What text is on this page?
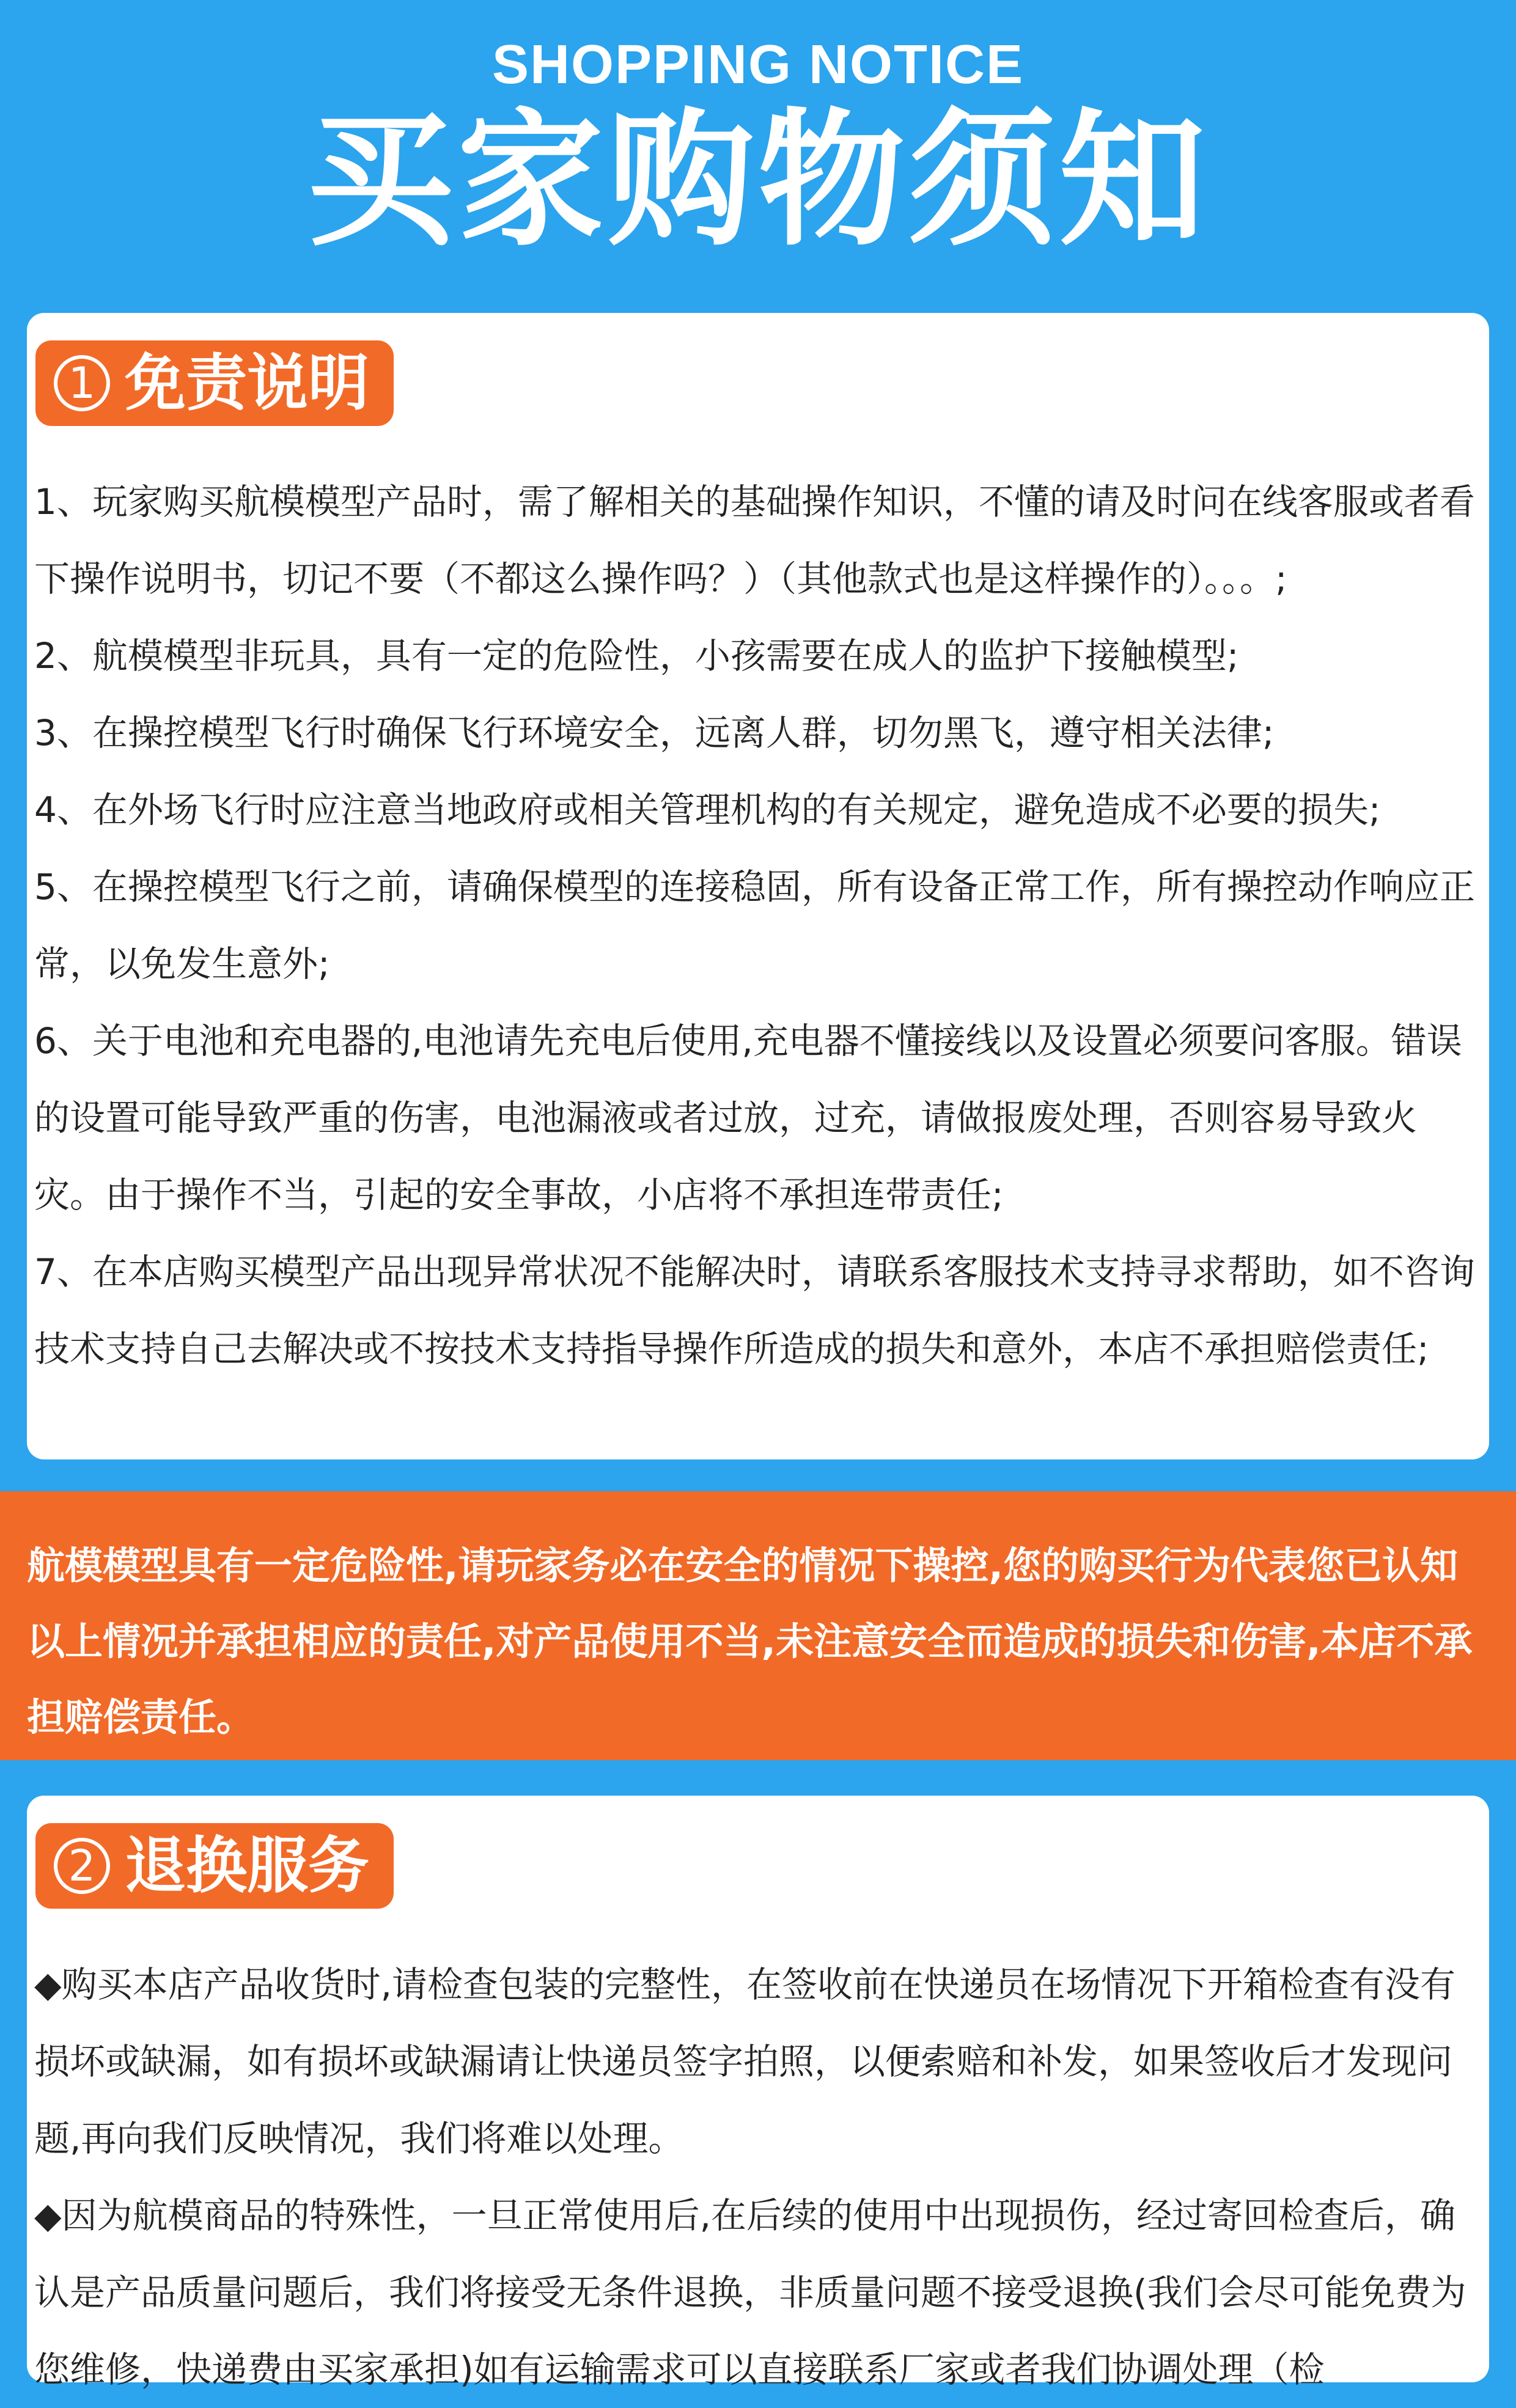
SHOPPING NOTICE
买家购物须知
1 免责说明

1、玩家购买航模模型产品时，需了解相关的基础操作知识，不懂的请及时问在线客服或者看下操作说明书，切记不要（不都这么操作吗？）（其他款式也是这样操作的）。。。;

2、航模模型非玩具，具有一定的危险性，小孩需要在成人的监护下接触模型;

3、在操控模型飞行时确保飞行环境安全，远离人群，切勿黑飞，遵守相关法律;

4、在外场飞行时应注意当地政府或相关管理机构的有关规定，避免造成不必要的损失;

5、在操控模型飞行之前，请确保模型的连接稳固，所有设备正常工作，所有操控动作响应正常，以免发生意外;

6、关于电池和充电器的,电池请先充电后使用,充电器不懂接线以及设置必须要问客服。错误的设置可能导致严重的伤害，电池漏液或者过放，过充，请做报废处理，否则容易导致火灾。由于操作不当，引起的安全事故，小店将不承担连带责任;

7、在本店购买模型产品出现异常状况不能解决时，请联系客服技术支持寻求帮助，如不咨询技术支持自己去解决或不按技术支持指导操作所造成的损失和意外，本店不承担赔偿责任;

航模模型具有一定危险性,请玩家务必在安全的情况下操控,您的购买行为代表您已认知以上情况并承担相应的责任,对产品使用不当,未注意安全而造成的损失和伤害,本店不承担赔偿责任。

2 退换服务

◆购买本店产品收货时,请检查包装的完整性，在签收前在快递员在场情况下开箱检查有没有损坏或缺漏，如有损坏或缺漏请让快递员签字拍照，以便索赔和补发，如果签收后才发现问题,再向我们反映情况，我们将难以处理。

◆因为航模商品的特殊性，一旦正常使用后,在后续的使用中出现损伤，经过寄回检查后，确认是产品质量问题后，我们将接受无条件退换，非质量问题不接受退换(我们会尽可能免费为您维修，快递费由买家承担)如有运输需求可以直接联系厂家或者我们协调处理（检
